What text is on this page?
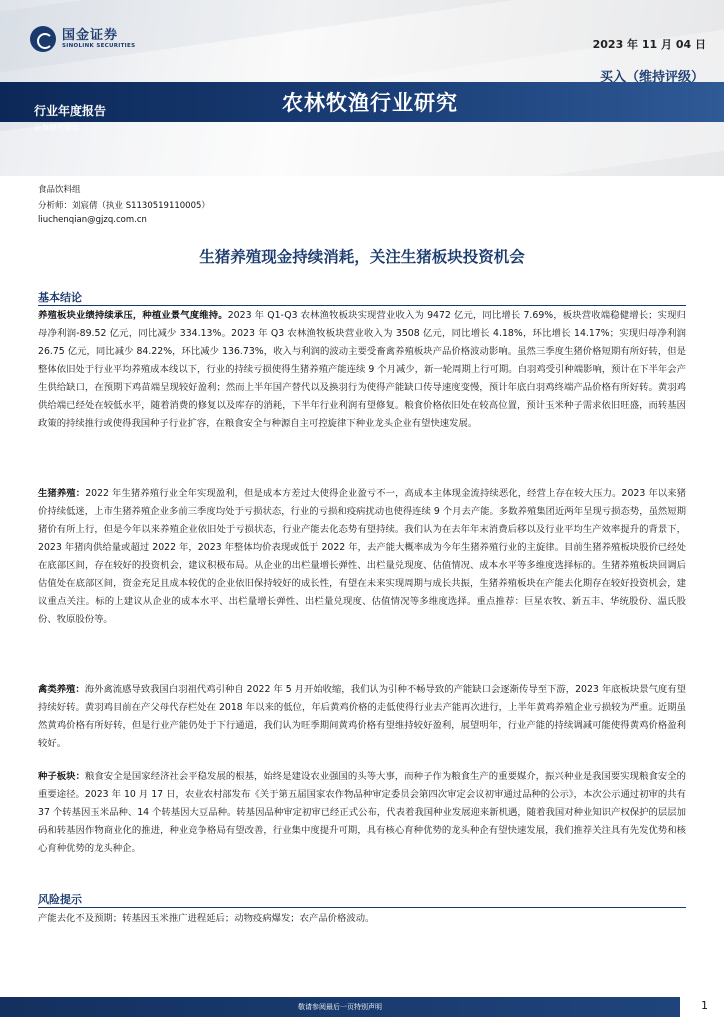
国金证券
SINOLINK SECURITIES	2023 年 11 月 04 日
买入（维持评级）
行业年度报告
证券研究报告
农林牧渔行业研究
食品饮料组
分析师：刘宸倩（执业 S1130519110005）
liuchenqian@gjzq.com.cn
生猪养殖现金持续消耗，关注生猪板块投资机会
基本结论
养殖板块业绩持续承压，种植业景气度维持。2023 年 Q1-Q3 农林渔牧板块实现营业收入为 9472 亿元，同比增长 7.69%，板块营收端稳健增长；实现归母净利润-89.52 亿元，同比减少 334.13%。2023 年 Q3 农林渔牧板块营业收入为 3508 亿元，同比增长 4.18%，环比增长 14.17%；实现归母净利润 26.75 亿元，同比减少 84.22%，环比减少 136.73%，收入与利润的波动主要受畜禽养殖板块产品价格波动影响。虽然三季度生猪价格短期有所好转，但是整体依旧处于行业平均养殖成本线以下，行业的持续亏损使得生猪养殖产能连续 9 个月减少，新一轮周期上行可期。白羽鸡受引种端影响，预计在下半年会产生供给缺口，在预期下鸡苗端呈现较好盈利；然而上半年国产替代以及换羽行为使得产能缺口传导速度变慢，预计年底白羽鸡终端产品价格有所好转。黄羽鸡供给端已经处在较低水平，随着消费的修复以及库存的消耗，下半年行业利润有望修复。粮食价格依旧处在较高位置，预计玉米种子需求依旧旺盛，而转基因政策的持续推行或使得我国种子行业扩容，在粮食安全与种源自主可控旋律下种业龙头企业有望快速发展。
生猪养殖：2022 年生猪养殖行业全年实现盈利，但是成本方差过大使得企业盈亏不一，高成本主体现金流持续恶化，经营上存在较大压力。2023 年以来猪价持续低迷，上市生猪养殖企业多前三季度均处于亏损状态，行业的亏损和疫病扰动也使得连续 9 个月去产能。多数养殖集团近两年呈现亏损态势，虽然短期猪价有所上行，但是今年以来养殖企业依旧处于亏损状态，行业产能去化态势有望持续。我们认为在去年年末消费后移以及行业平均生产效率提升的背景下，2023 年猪肉供给量或超过 2022 年，2023 年整体均价表现或低于 2022 年，去产能大概率成为今年生猪养殖行业的主旋律。目前生猪养殖板块股价已经处在底部区间，存在较好的投资机会，建议积极布局。从企业的出栏量增长弹性、出栏量兑现度、估值情况、成本水平等多维度选择标的。生猪养殖板块回调后估值处在底部区间，资金充足且成本较优的企业依旧保持较好的成长性，有望在未来实现周期与成长共振，生猪养殖板块在产能去化期存在较好投资机会，建议重点关注。标的上建议从企业的成本水平、出栏量增长弹性、出栏量兑现度、估值情况等多维度选择。重点推荐：巨星农牧、新五丰、华统股份、温氏股份、牧原股份等。
禽类养殖：海外禽流感导致我国白羽祖代鸡引种自 2022 年 5 月开始收缩，我们认为引种不畅导致的产能缺口会逐渐传导至下游，2023 年底板块景气度有望持续好转。黄羽鸡目前在产父母代存栏处在 2018 年以来的低位，年后黄鸡价格的走低使得行业去产能再次进行，上半年黄鸡养殖企业亏损较为严重。近期虽然黄鸡价格有所好转，但是行业产能仍处于下行通道，我们认为旺季期间黄鸡价格有望维持较好盈利，展望明年，行业产能的持续调减可能使得黄鸡价格盈利较好。
种子板块：粮食安全是国家经济社会平稳发展的根基，始终是建设农业强国的头等大事，而种子作为粮食生产的重要媒介，振兴种业是我国要实现粮食安全的重要途径。2023 年 10 月 17 日，农业农村部发布《关于第五届国家农作物品种审定委员会第四次审定会议初审通过品种的公示》，本次公示通过初审的共有 37 个转基因玉米品种、14 个转基因大豆品种。转基因品种审定初审已经正式公布，代表着我国种业发展迎来新机遇，随着我国对种业知识产权保护的层层加码和转基因作物商业化的推进，种业竞争格局有望改善，行业集中度提升可期，具有核心育种优势的龙头种企有望快速发展，我们推荐关注具有先发优势和核心育种优势的龙头种企。
风险提示
产能去化不及预期；转基因玉米推广进程延后；动物疫病爆发；农产品价格波动。
敬请参阅最后一页特别声明	1
